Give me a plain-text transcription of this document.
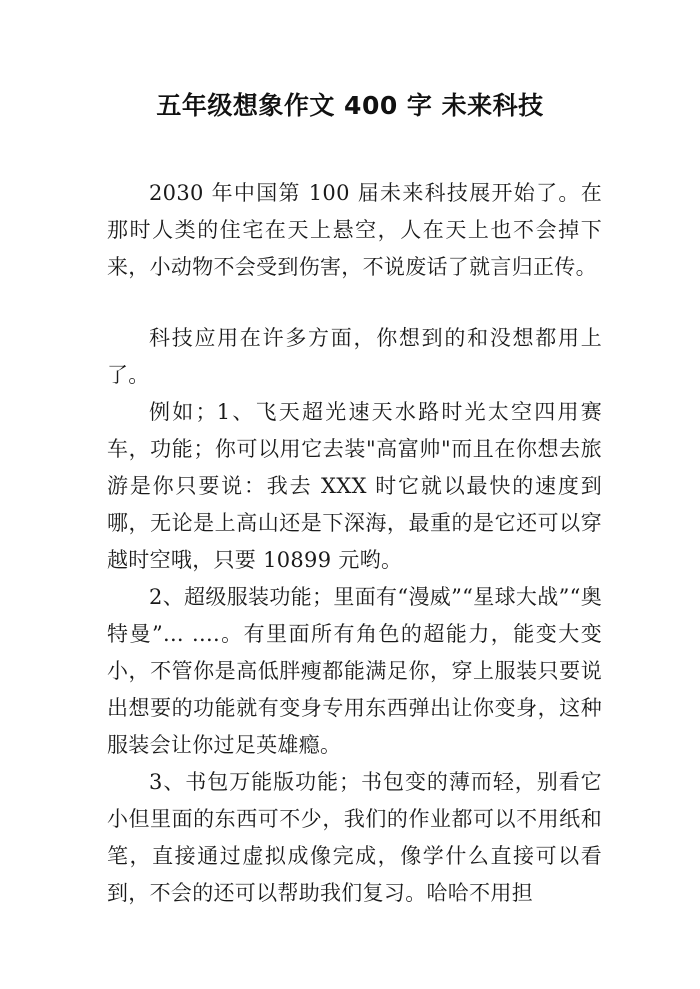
五年级想象作文 400 字 未来科技

2030 年中国第 100 届未来科技展开始了。在那时人类的住宅在天上悬空，人在天上也不会掉下来，小动物不会受到伤害，不说废话了就言归正传。

科技应用在许多方面，你想到的和没想都用上了。

例如；1、飞天超光速天水路时光太空四用赛车，功能；你可以用它去装"高富帅"而且在你想去旅游是你只要说：我去 XXX 时它就以最快的速度到哪，无论是上高山还是下深海，最重的是它还可以穿越时空哦，只要 10899 元哟。

2、超级服装功能；里面有“漫威”“星球大战”“奥特曼”... ....。有里面所有角色的超能力，能变大变小，不管你是高低胖瘦都能满足你，穿上服装只要说出想要的功能就有变身专用东西弹出让你变身，这种服装会让你过足英雄瘾。

3、书包万能版功能；书包变的薄而轻，别看它小但里面的东西可不少，我们的作业都可以不用纸和笔，直接通过虚拟成像完成，像学什么直接可以看到，不会的还可以帮助我们复习。哈哈不用担
